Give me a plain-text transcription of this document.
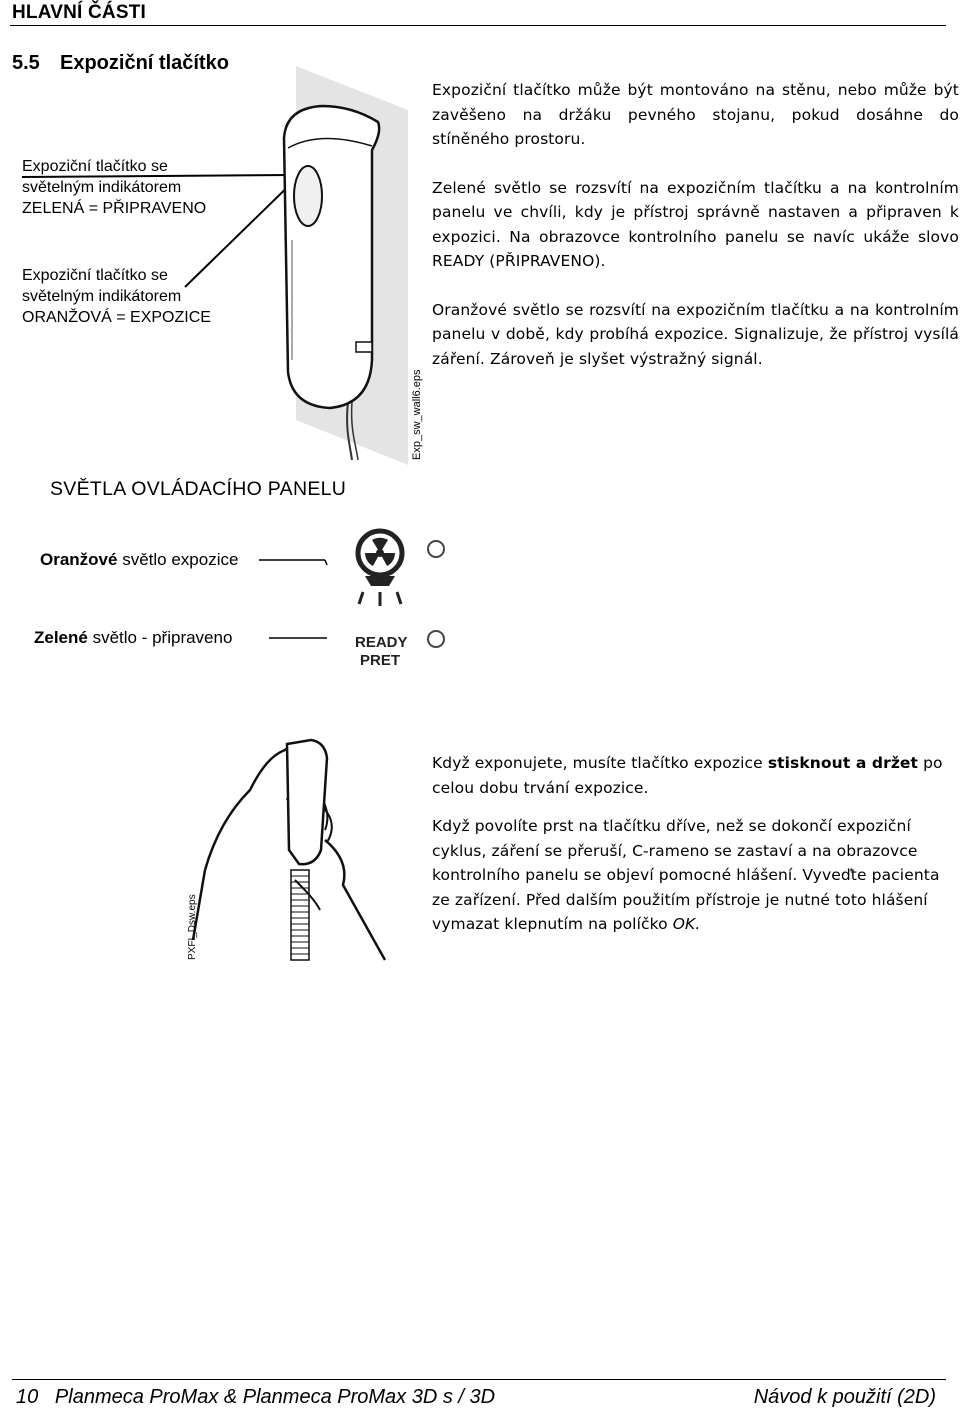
HLAVNÍ ČÁSTI
5.5 Expoziční tlačítko
Expoziční tlačítko se
světelným indikátorem
ZELENÁ = PŘIPRAVENO
Expoziční tlačítko se
světelným indikátorem
ORANŽOVÁ = EXPOZICE
Exp_sw_wall6.eps

Expoziční tlačítko může být montováno na stěnu, nebo může být zavěšeno na držáku pevného stojanu, pokud dosáhne do stíněného prostoru.

Zelené světlo se rozsvítí na expozičním tlačítku a na kontrolním panelu ve chvíli, kdy je přístroj správně nastaven a připraven k expozici. Na obrazovce kontrolního panelu se navíc ukáže slovo READY (PŘIPRAVENO).

Oranžové světlo se rozsvítí na expozičním tlačítku a na kontrolním panelu v době, kdy probíhá expozice. Signalizuje, že přístroj vysílá záření. Zároveň je slyšet výstražný signál.

SVĚTLA OVLÁDACÍHO PANELU
Oranžové světlo expozice
Zelené světlo - připraveno	READY
PRET
PXFI_Dsw.eps

Když exponujete, musíte tlačítko expozice stisknout a držet po celou dobu trvání expozice.

Když povolíte prst na tlačítku dříve, než se dokončí expoziční cyklus, záření se přeruší, C-rameno se zastaví a na obrazovce kontrolního panelu se objeví pomocné hlášení. Vyveďte pacienta ze zařízení. Před dalším použitím přístroje je nutné toto hlášení vymazat klepnutím na políčko OK.

10   Planmeca ProMax & Planmeca ProMax 3D s / 3D	Návod k použití (2D)
